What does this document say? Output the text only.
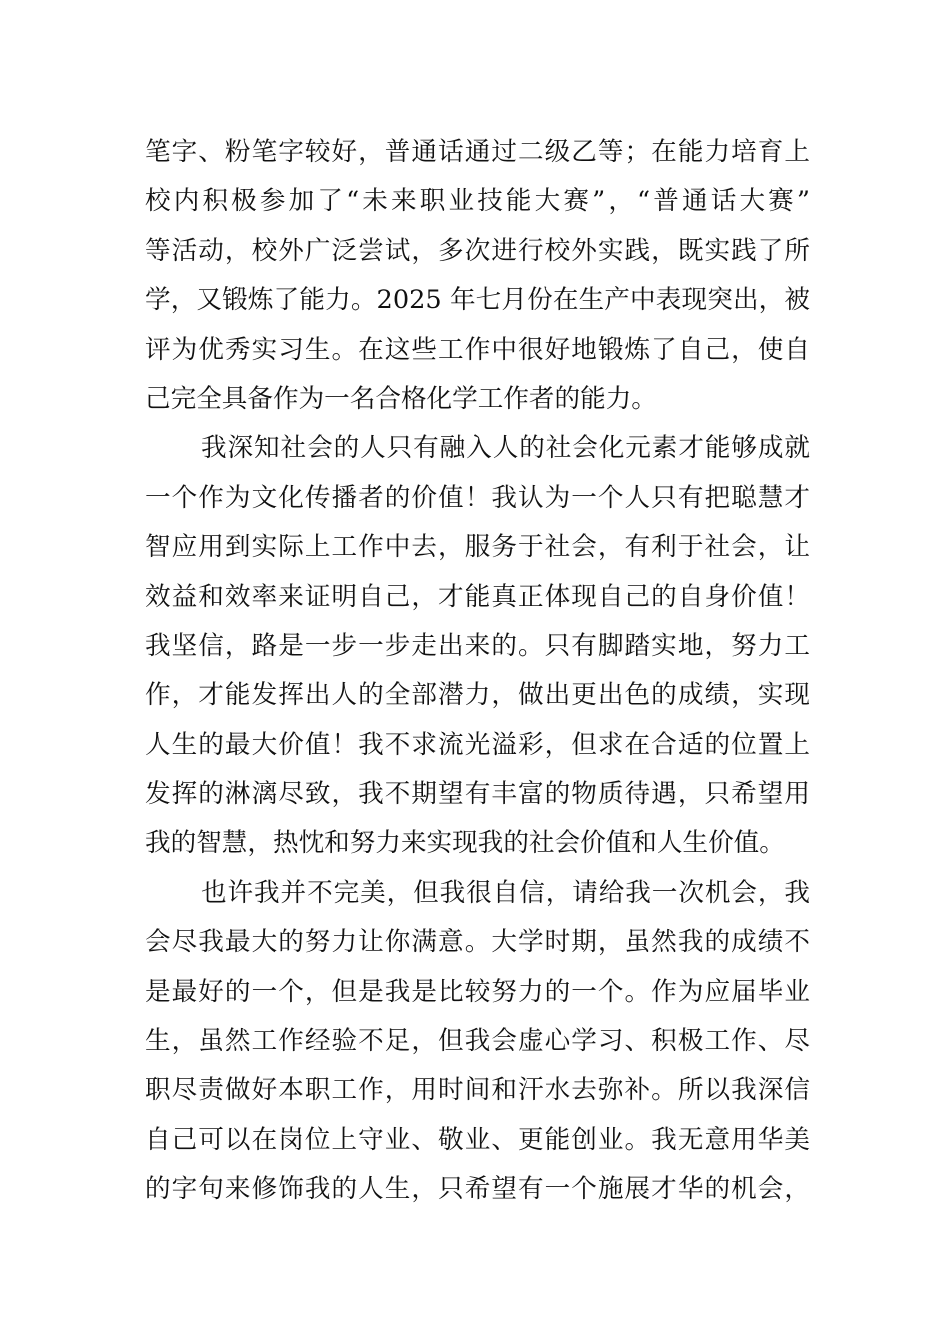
笔字、粉笔字较好，普通话通过二级乙等；在能力培育上
校内积极参加了“未来职业技能大赛”，“普通话大赛”
等活动，校外广泛尝试，多次进行校外实践，既实践了所
学，又锻炼了能力。2025 年七月份在生产中表现突出，被
评为优秀实习生。在这些工作中很好地锻炼了自己，使自
己完全具备作为一名合格化学工作者的能力。
我深知社会的人只有融入人的社会化元素才能够成就
一个作为文化传播者的价值！我认为一个人只有把聪慧才
智应用到实际上工作中去，服务于社会，有利于社会，让
效益和效率来证明自己，才能真正体现自己的自身价值！
我坚信，路是一步一步走出来的。只有脚踏实地，努力工
作，才能发挥出人的全部潜力，做出更出色的成绩，实现
人生的最大价值！我不求流光溢彩，但求在合适的位置上
发挥的淋漓尽致，我不期望有丰富的物质待遇，只希望用
我的智慧，热忱和努力来实现我的社会价值和人生价值。
也许我并不完美，但我很自信，请给我一次机会，我
会尽我最大的努力让你满意。大学时期，虽然我的成绩不
是最好的一个，但是我是比较努力的一个。作为应届毕业
生，虽然工作经验不足，但我会虚心学习、积极工作、尽
职尽责做好本职工作，用时间和汗水去弥补。所以我深信
自己可以在岗位上守业、敬业、更能创业。我无意用华美
的字句来修饰我的人生，只希望有一个施展才华的机会，
